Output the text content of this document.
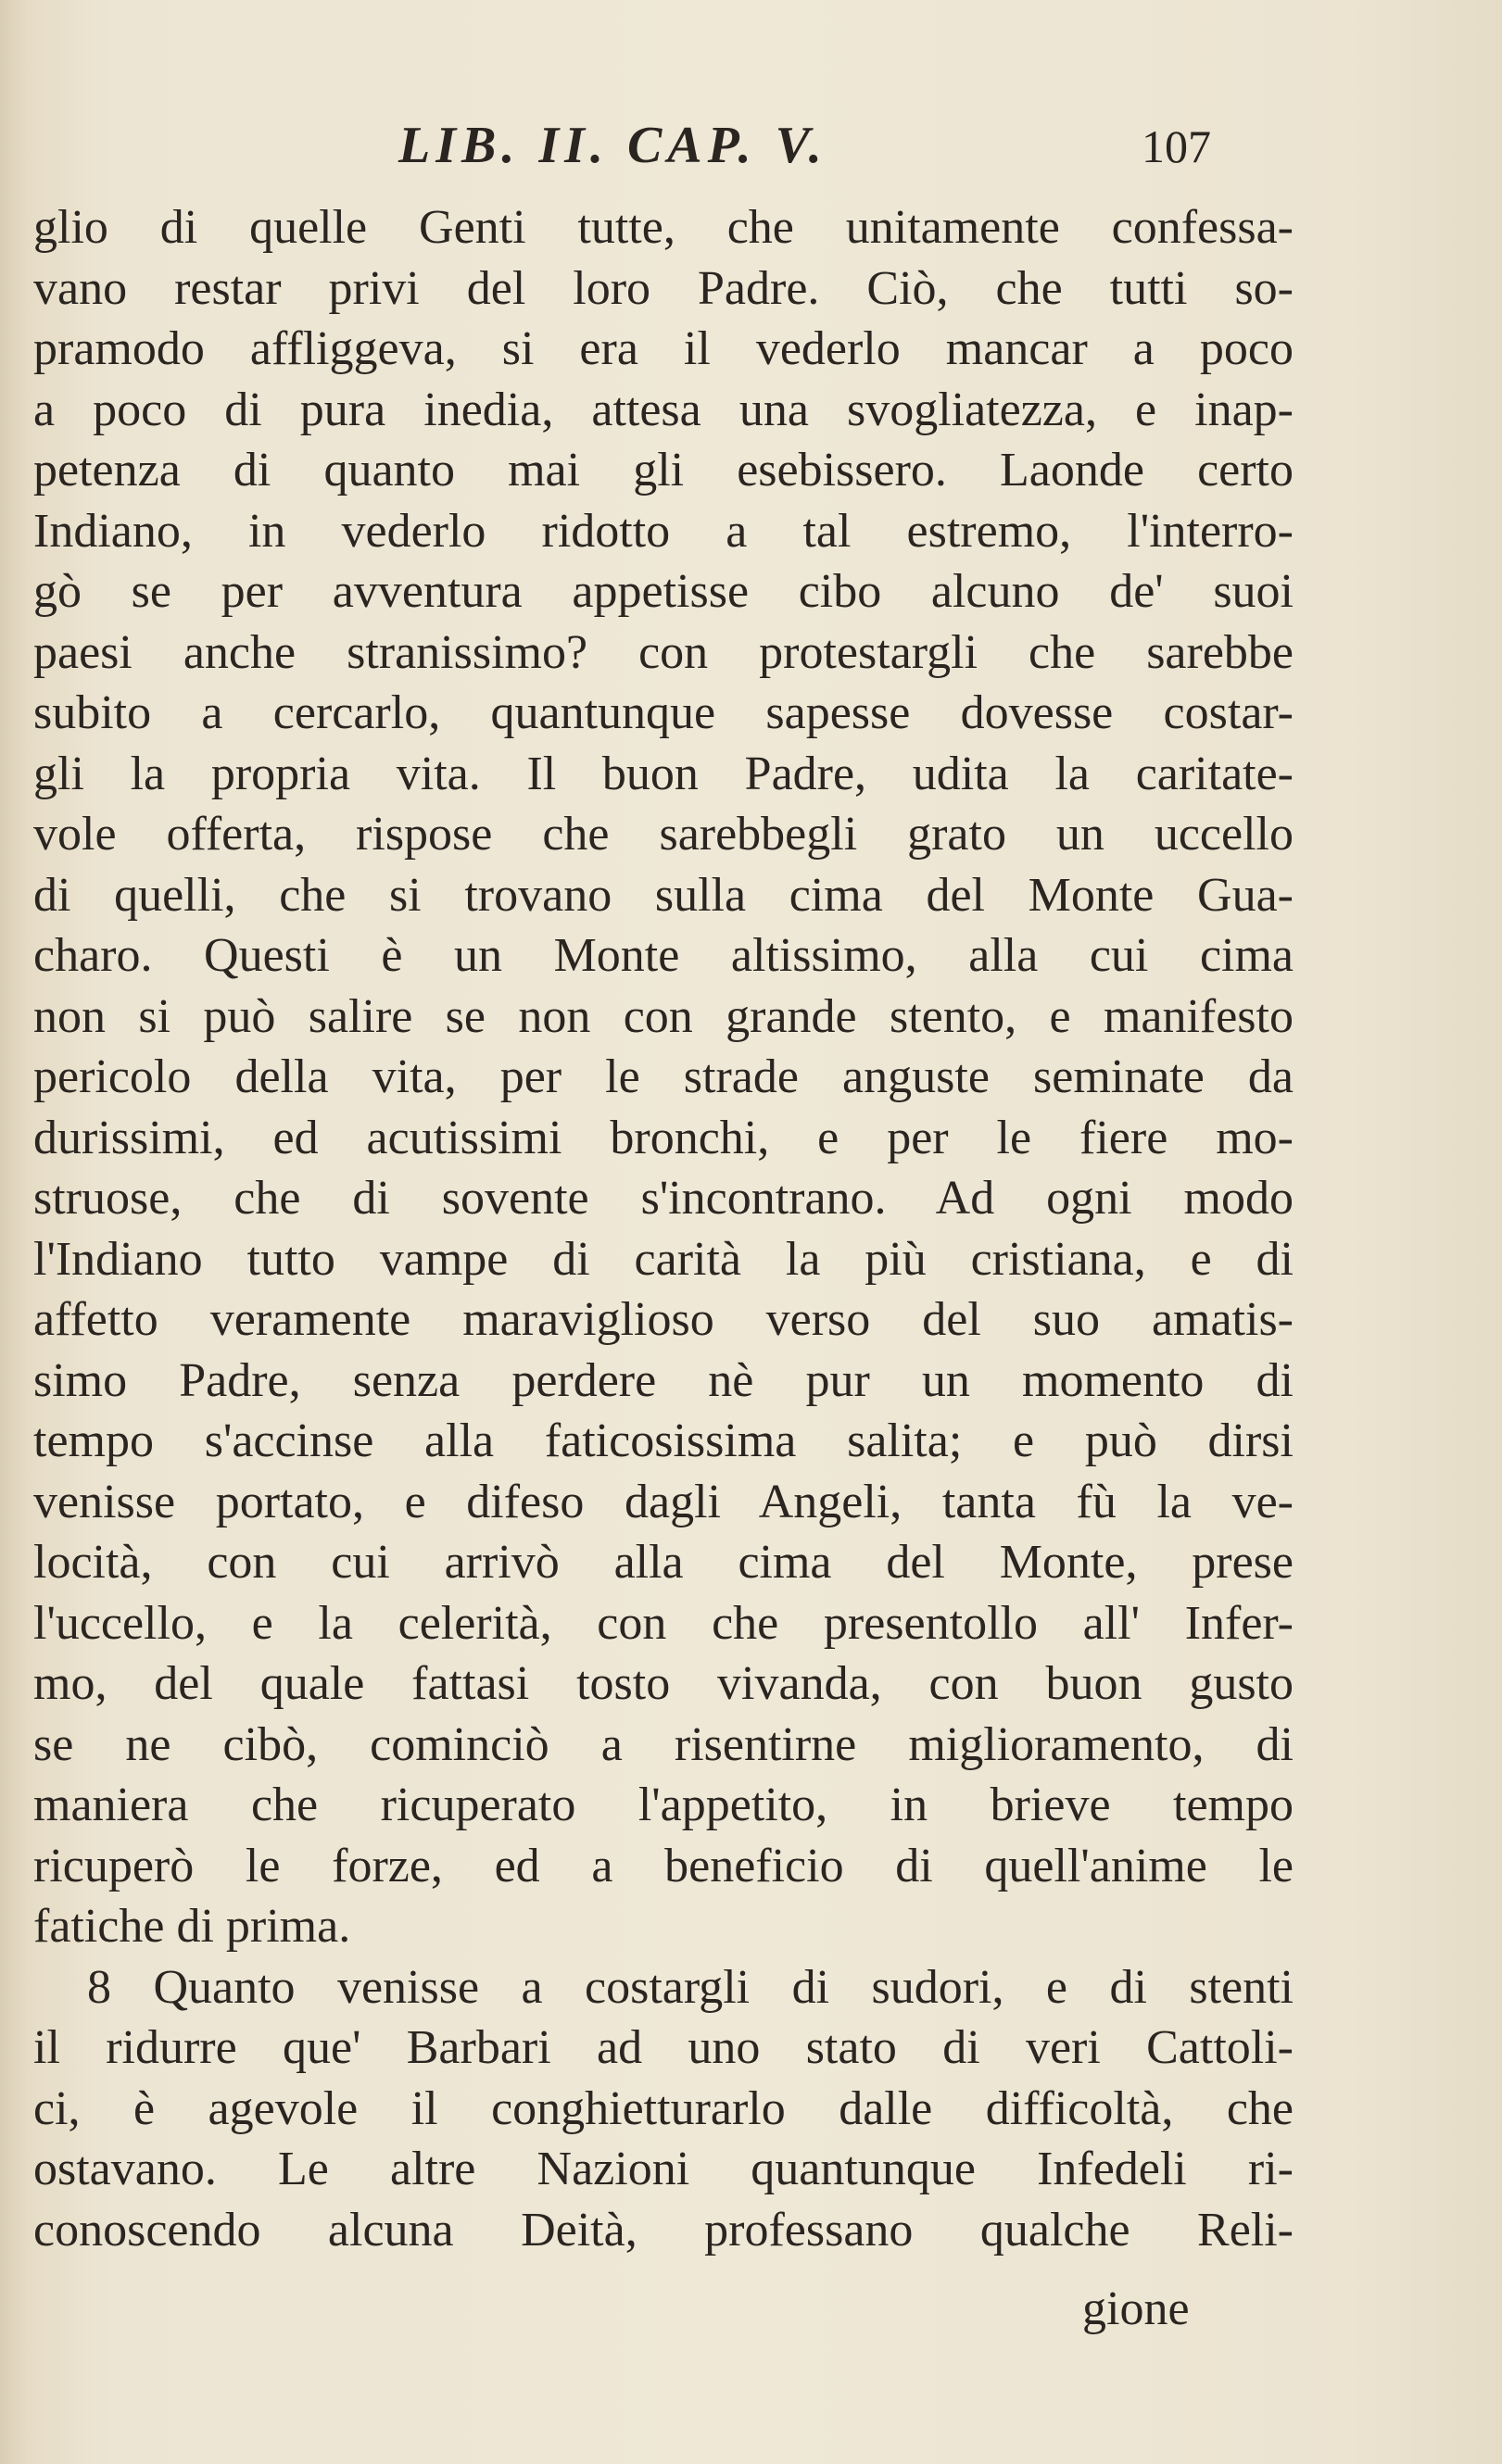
LIB. II. CAP. V.	107
glio di quelle Genti tutte, che unitamente confessa-
vano restar privi del loro Padre. Ciò, che tutti so-
pramodo affliggeva, si era il vederlo mancar a poco
a poco di pura inedia, attesa una svogliatezza, e inap-
petenza di quanto mai gli esebissero. Laonde certo
Indiano, in vederlo ridotto a tal estremo, l'interro-
gò se per avventura appetisse cibo alcuno de' suoi
paesi anche stranissimo? con protestargli che sarebbe
subito a cercarlo, quantunque sapesse dovesse costar-
gli la propria vita. Il buon Padre, udita la caritate-
vole offerta, rispose che sarebbegli grato un uccello
di quelli, che si trovano sulla cima del Monte Gua-
charo. Questi è un Monte altissimo, alla cui cima
non si può salire se non con grande stento, e manifesto
pericolo della vita, per le strade anguste seminate da
durissimi, ed acutissimi bronchi, e per le fiere mo-
struose, che di sovente s'incontrano. Ad ogni modo
l'Indiano tutto vampe di carità la più cristiana, e di
affetto veramente maraviglioso verso del suo amatis-
simo Padre, senza perdere nè pur un momento di
tempo s'accinse alla faticosissima salita; e può dirsi
venisse portato, e difeso dagli Angeli, tanta fù la ve-
locità, con cui arrivò alla cima del Monte, prese
l'uccello, e la celerità, con che presentollo all' Infer-
mo, del quale fattasi tosto vivanda, con buon gusto
se ne cibò, cominciò a risentirne miglioramento, di
maniera che ricuperato l'appetito, in brieve tempo
ricuperò le forze, ed a beneficio di quell'anime le
fatiche di prima.
8 Quanto venisse a costargli di sudori, e di stenti
il ridurre que' Barbari ad uno stato di veri Cattoli-
ci, è agevole il conghietturarlo dalle difficoltà, che
ostavano. Le altre Nazioni quantunque Infedeli ri-
conoscendo alcuna Deità, professano qualche Reli-
gione
